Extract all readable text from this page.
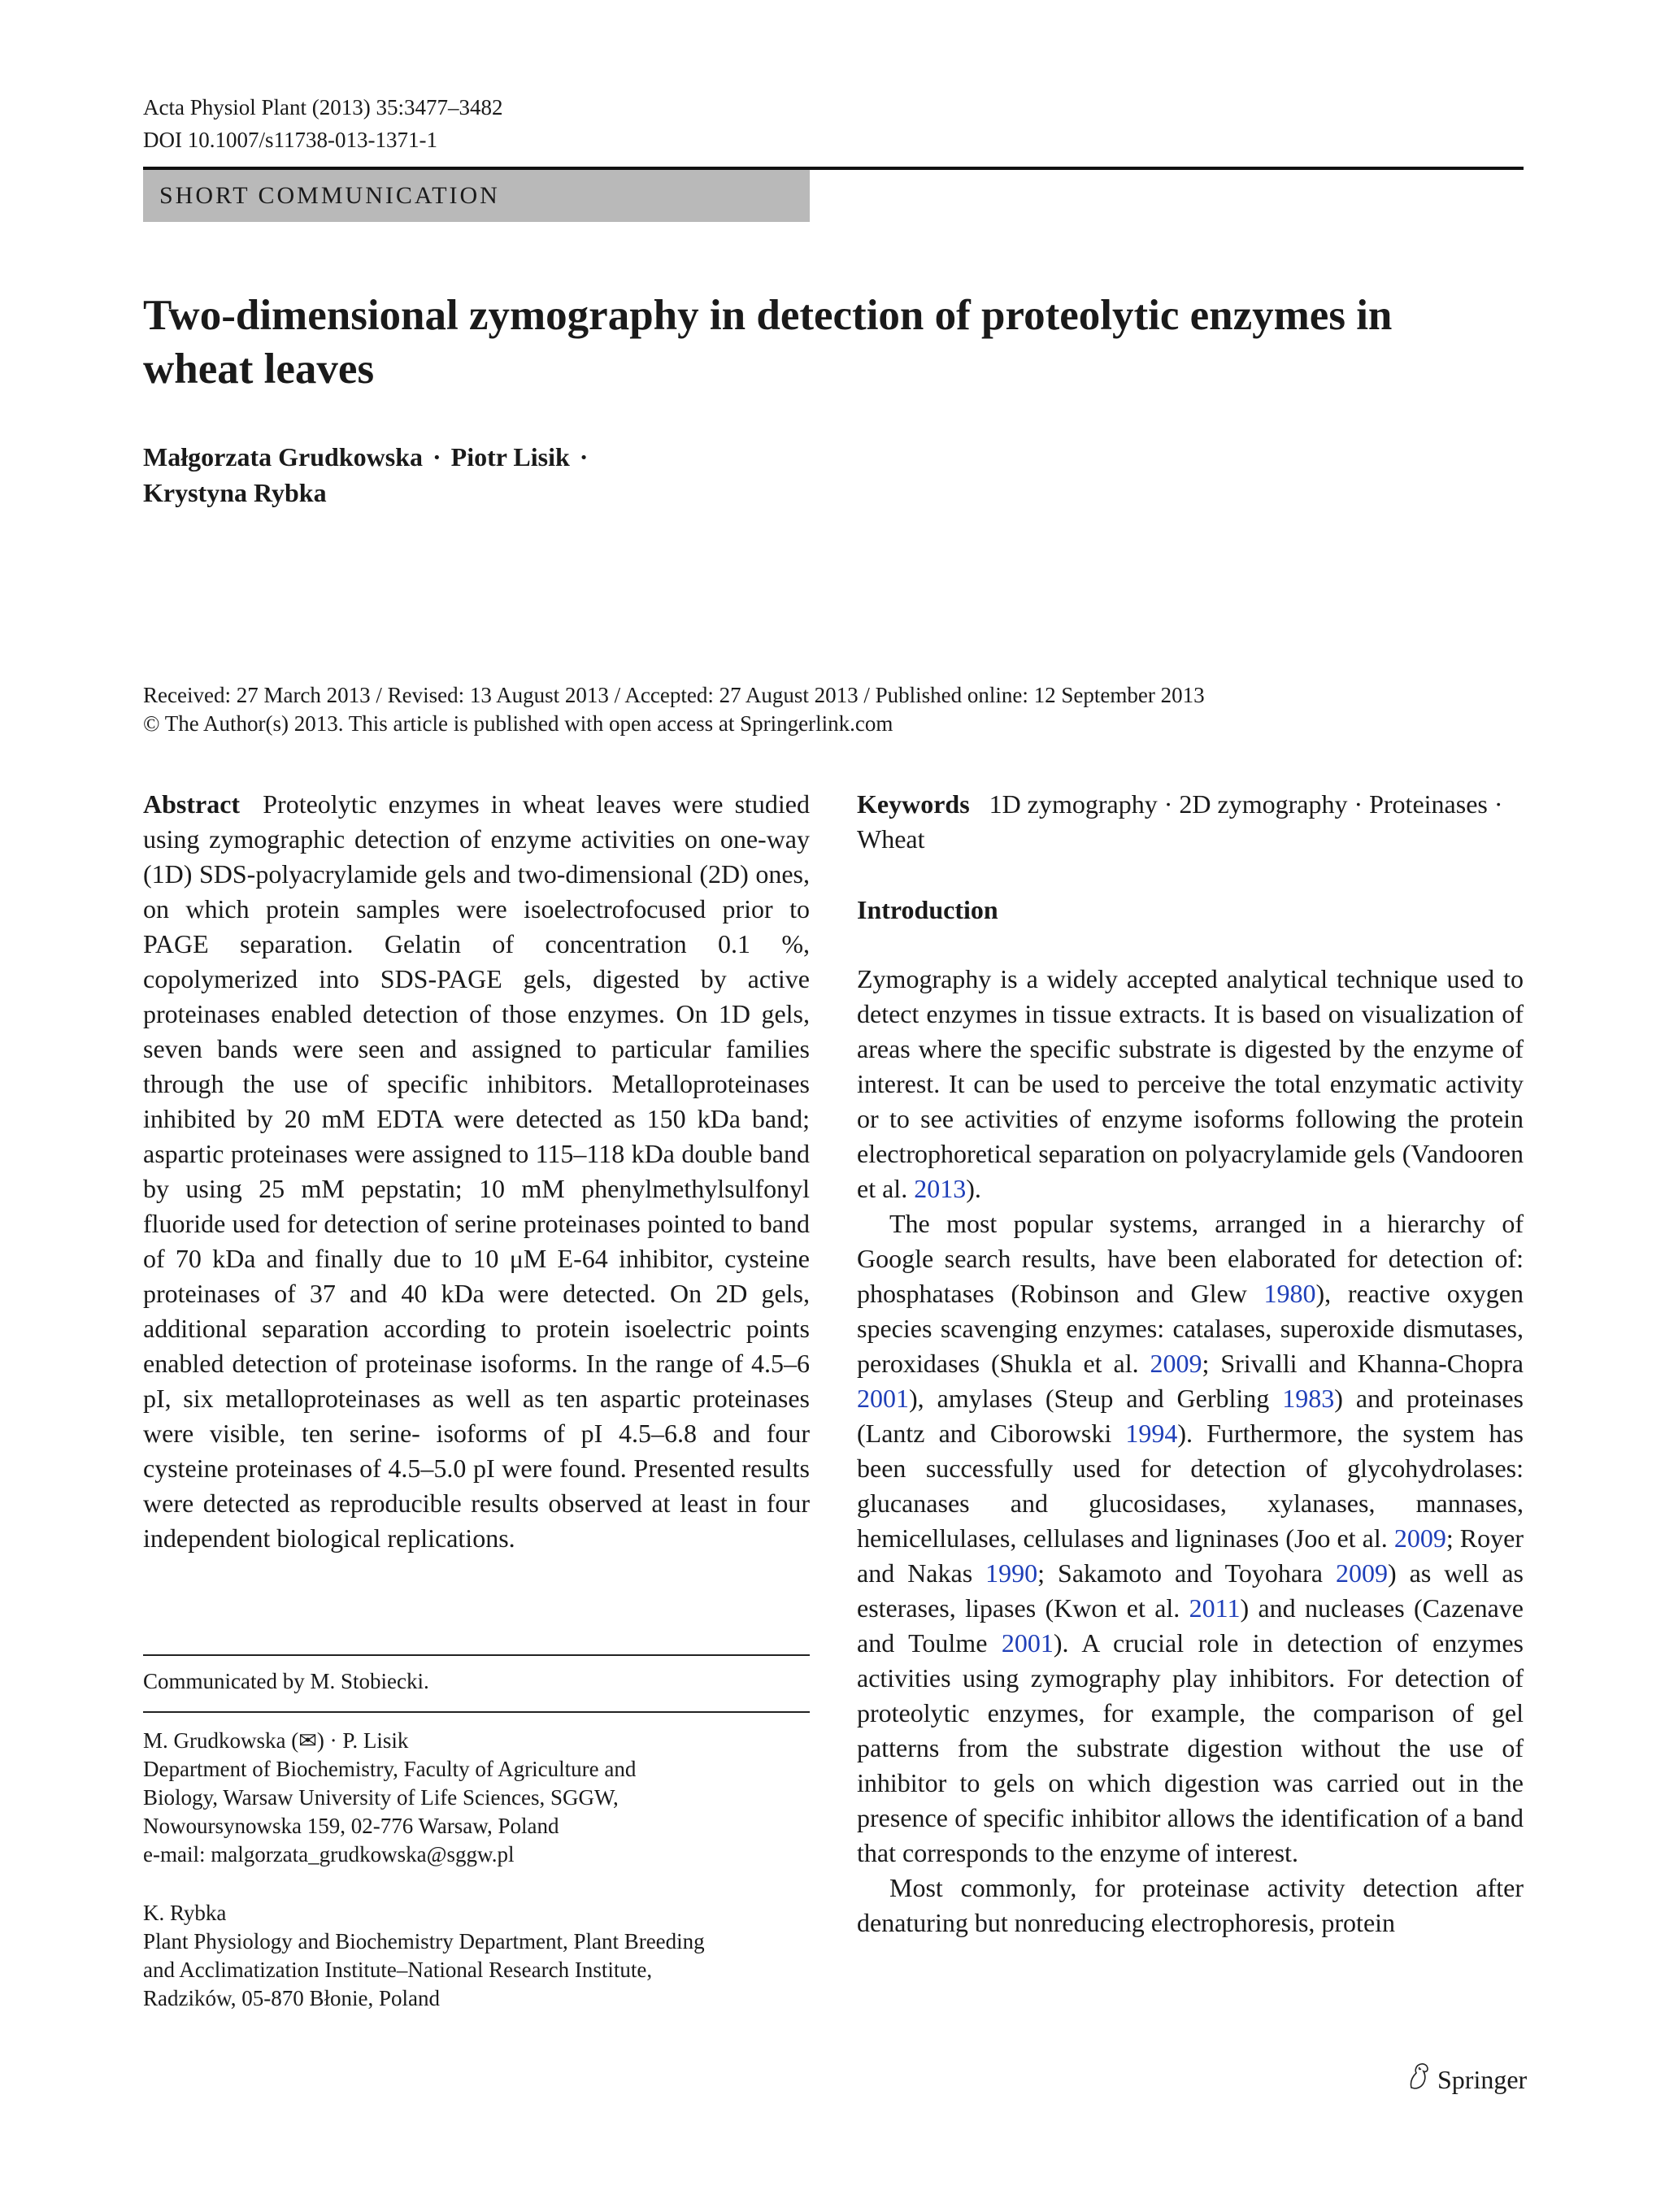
Acta Physiol Plant (2013) 35:3477–3482
DOI 10.1007/s11738-013-1371-1
SHORT COMMUNICATION
Two-dimensional zymography in detection of proteolytic enzymes in wheat leaves
Małgorzata Grudkowska · Piotr Lisik ·
Krystyna Rybka
Received: 27 March 2013 / Revised: 13 August 2013 / Accepted: 27 August 2013 / Published online: 12 September 2013
© The Author(s) 2013. This article is published with open access at Springerlink.com

Abstract Proteolytic enzymes in wheat leaves were studied using zymographic detection of enzyme activities on one-way (1D) SDS-polyacrylamide gels and two-dimensional (2D) ones, on which protein samples were isoelectrofocused prior to PAGE separation. Gelatin of concentration 0.1 %, copolymerized into SDS-PAGE gels, digested by active proteinases enabled detection of those enzymes. On 1D gels, seven bands were seen and assigned to particular families through the use of specific inhibitors. Metalloproteinases inhibited by 20 mM EDTA were detected as 150 kDa band; aspartic proteinases were assigned to 115–118 kDa double band by using 25 mM pepstatin; 10 mM phenylmethylsulfonyl fluoride used for detection of serine proteinases pointed to band of 70 kDa and finally due to 10 μM E-64 inhibitor, cysteine proteinases of 37 and 40 kDa were detected. On 2D gels, additional separation according to protein isoelectric points enabled detection of proteinase isoforms. In the range of 4.5–6 pI, six metalloproteinases as well as ten aspartic proteinases were visible, ten serine- isoforms of pI 4.5–6.8 and four cysteine proteinases of 4.5–5.0 pI were found. Presented results were detected as reproducible results observed at least in four independent biological replications.

Communicated by M. Stobiecki.
M. Grudkowska (✉) · P. Lisik
Department of Biochemistry, Faculty of Agriculture and
Biology, Warsaw University of Life Sciences, SGGW,
Nowoursynowska 159, 02-776 Warsaw, Poland
e-mail: malgorzata_grudkowska@sggw.pl
K. Rybka
Plant Physiology and Biochemistry Department, Plant Breeding
and Acclimatization Institute–National Research Institute,
Radzików, 05-870 Błonie, Poland

Keywords 1D zymography · 2D zymography · Proteinases · Wheat

Introduction

Zymography is a widely accepted analytical technique used to detect enzymes in tissue extracts. It is based on visualization of areas where the specific substrate is digested by the enzyme of interest. It can be used to perceive the total enzymatic activity or to see activities of enzyme isoforms following the protein electrophoretical separation on polyacrylamide gels (Vandooren et al. 2013).

The most popular systems, arranged in a hierarchy of Google search results, have been elaborated for detection of: phosphatases (Robinson and Glew 1980), reactive oxygen species scavenging enzymes: catalases, superoxide dismutases, peroxidases (Shukla et al. 2009; Srivalli and Khanna-Chopra 2001), amylases (Steup and Gerbling 1983) and proteinases (Lantz and Ciborowski 1994). Furthermore, the system has been successfully used for detection of glycohydrolases: glucanases and glucosidases, xylanases, mannases, hemicellulases, cellulases and ligninases (Joo et al. 2009; Royer and Nakas 1990; Sakamoto and Toyohara 2009) as well as esterases, lipases (Kwon et al. 2011) and nucleases (Cazenave and Toulme 2001). A crucial role in detection of enzymes activities using zymography play inhibitors. For detection of proteolytic enzymes, for example, the comparison of gel patterns from the substrate digestion without the use of inhibitor to gels on which digestion was carried out in the presence of specific inhibitor allows the identification of a band that corresponds to the enzyme of interest.

Most commonly, for proteinase activity detection after denaturing but nonreducing electrophoresis, protein

Springer
